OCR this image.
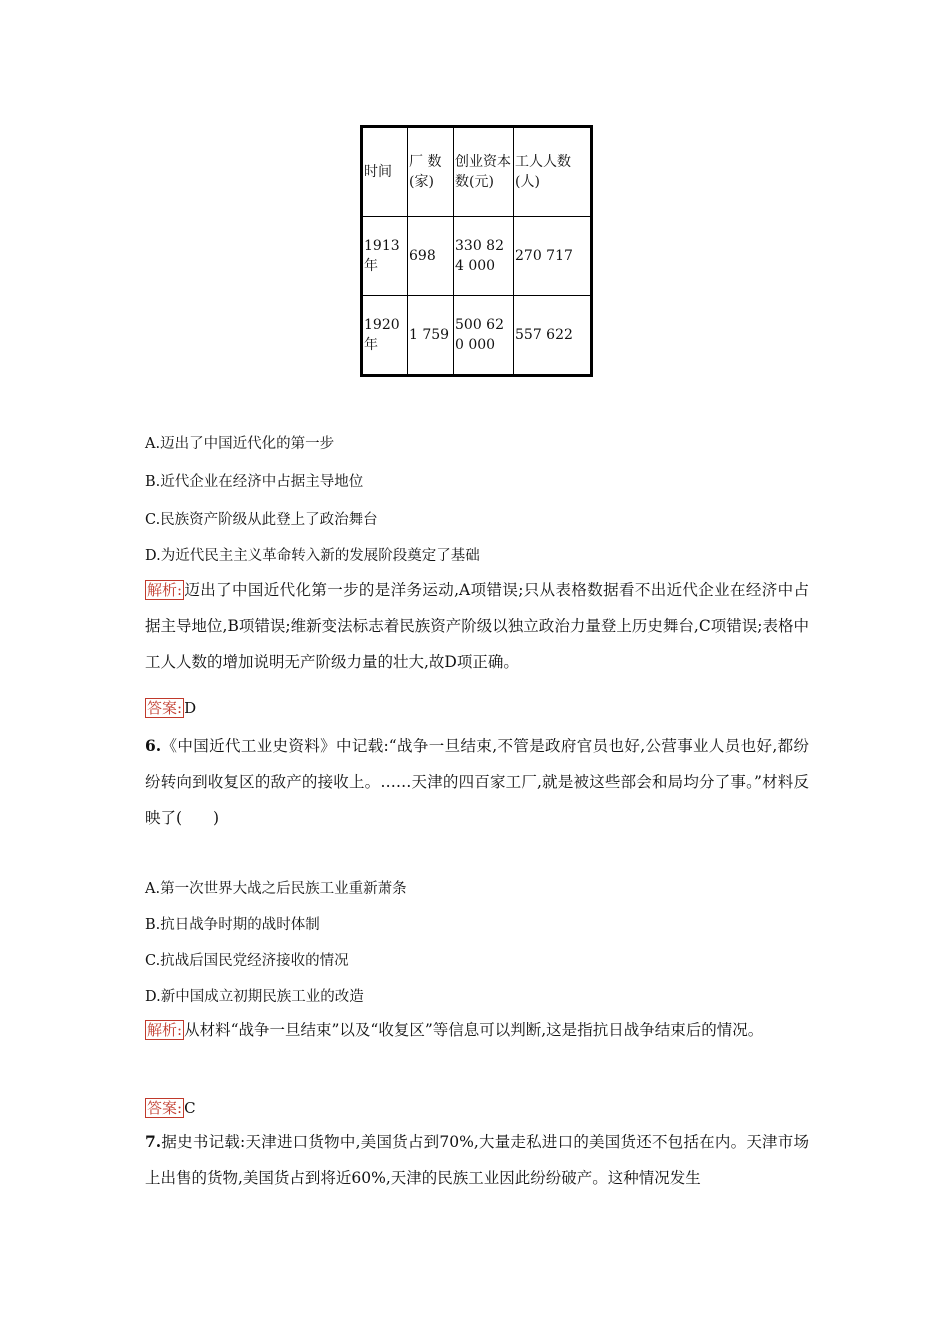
时间	厂 数(家)	创业资本 数(元)	工人人数(人)
1913年	698	330 824 000	270 717
1920年	1 759	500 620 000	557 622
A.迈出了中国近代化的第一步
B.近代企业在经济中占据主导地位
C.民族资产阶级从此登上了政治舞台
D.为近代民主主义革命转入新的发展阶段奠定了基础
解析: 迈出了中国近代化第一步的是洋务运动,A项错误;只从表格数据看不出近代企业在经济中占据主导地位,B项错误;维新变法标志着民族资产阶级以独立政治力量登上历史舞台,C项错误;表格中工人人数的增加说明无产阶级力量的壮大,故D项正确。
答案: D
6.《中国近代工业史资料》中记载:“战争一旦结束,不管是政府官员也好,公营事业人员也好,都纷纷转向到收复区的敌产的接收上。……天津的四百家工厂,就是被这些部会和局均分了事。”材料反映了(　　)
A.第一次世界大战之后民族工业重新萧条
B.抗日战争时期的战时体制
C.抗战后国民党经济接收的情况
D.新中国成立初期民族工业的改造
解析: 从材料“战争一旦结束”以及“收复区”等信息可以判断,这是指抗日战争结束后的情况。
答案: C
7.据史书记载:天津进口货物中,美国货占到70%,大量走私进口的美国货还不包括在内。天津市场上出售的货物,美国货占到将近60%,天津的民族工业因此纷纷破产。这种情况发生
